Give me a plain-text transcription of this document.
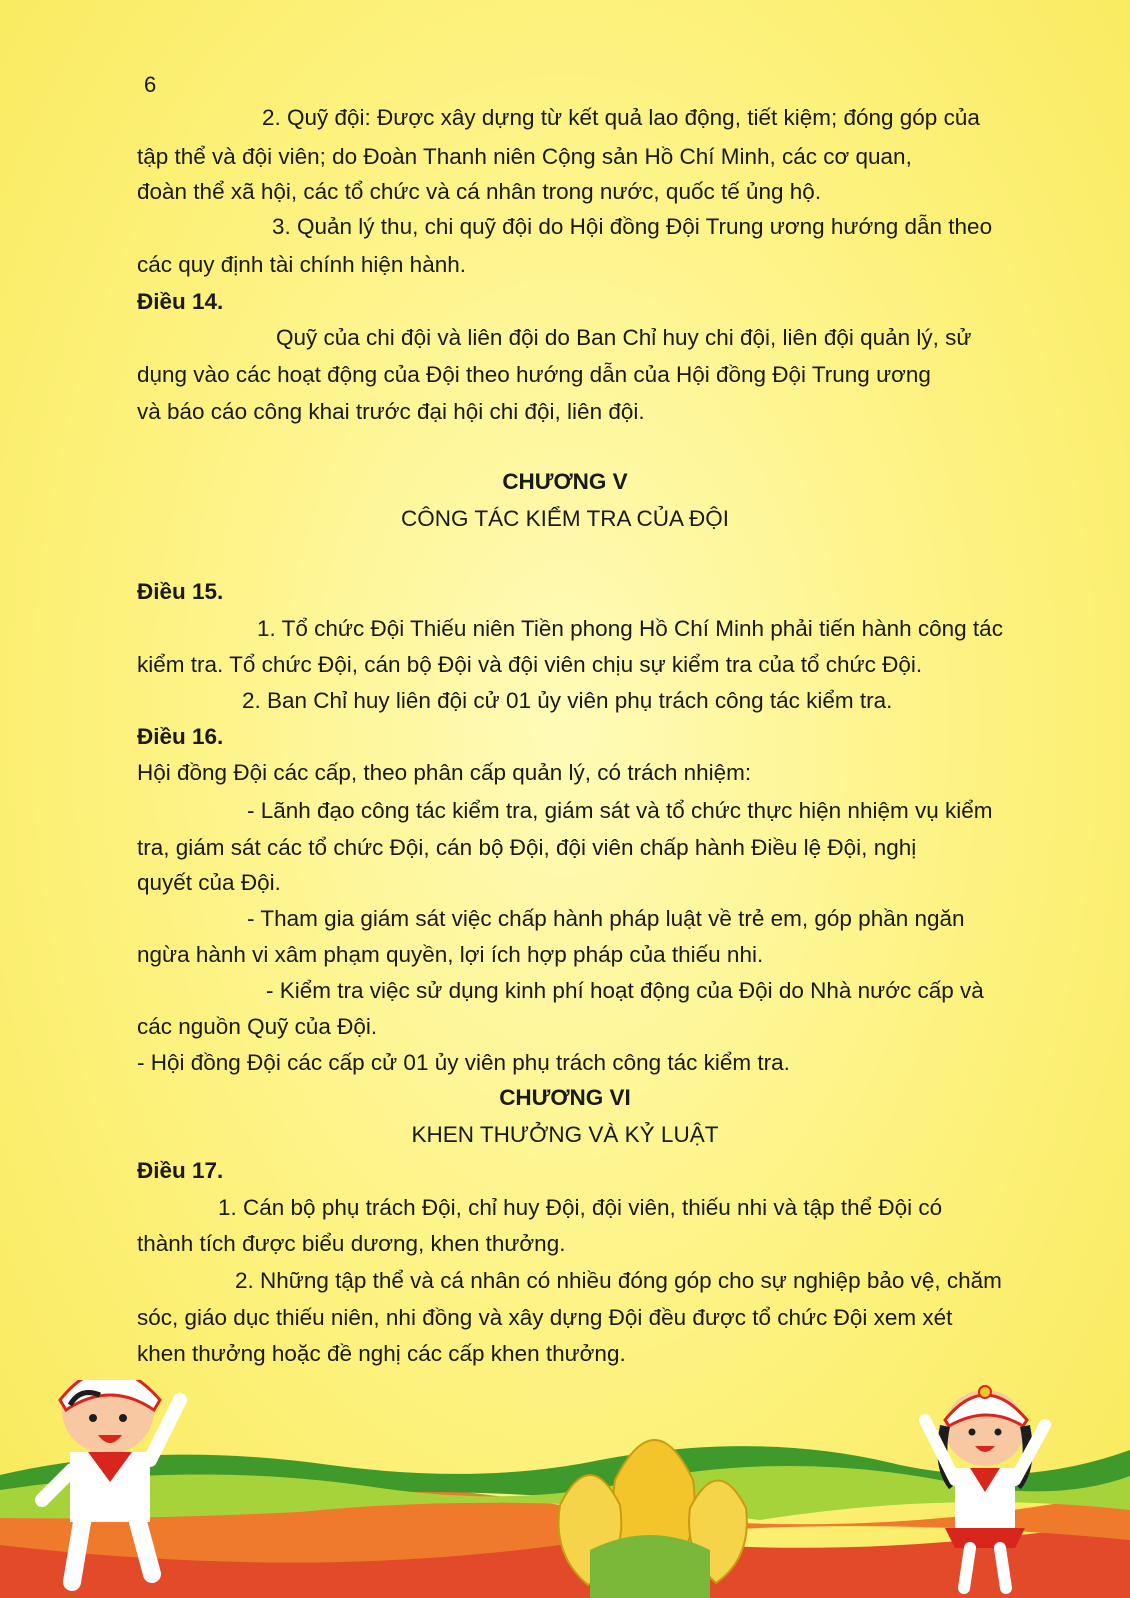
6
2. Quỹ đội: Được xây dựng từ kết quả lao động, tiết kiệm; đóng góp của
tập thể và đội viên; do Đoàn Thanh niên Cộng sản Hồ Chí Minh, các cơ quan,
đoàn thể xã hội, các tổ chức và cá nhân trong nước, quốc tế ủng hộ.
3. Quản lý thu, chi quỹ đội do Hội đồng Đội Trung ương hướng dẫn theo
các quy định tài chính hiện hành.
Điều 14.
Quỹ của chi đội và liên đội do Ban Chỉ huy chi đội, liên đội quản lý, sử
dụng vào các hoạt động của Đội theo hướng dẫn của Hội đồng Đội Trung ương
và báo cáo công khai trước đại hội chi đội, liên đội.
CHƯƠNG V
CÔNG TÁC KIỂM TRA CỦA ĐỘI
Điều 15.
1. Tổ chức Đội Thiếu niên Tiền phong Hồ Chí Minh phải tiến hành công tác
kiểm tra. Tổ chức Đội, cán bộ Đội và đội viên chịu sự kiểm tra của tổ chức Đội.
2. Ban Chỉ huy liên đội cử 01 ủy viên phụ trách công tác kiểm tra.
Điều 16.
Hội đồng Đội các cấp, theo phân cấp quản lý, có trách nhiệm:
- Lãnh đạo công tác kiểm tra, giám sát và tổ chức thực hiện nhiệm vụ kiểm
tra, giám sát các tổ chức Đội, cán bộ Đội, đội viên chấp hành Điều lệ Đội, nghị
quyết của Đội.
- Tham gia giám sát việc chấp hành pháp luật về trẻ em, góp phần ngăn
ngừa hành vi xâm phạm quyền, lợi ích hợp pháp của thiếu nhi.
- Kiểm tra việc sử dụng kinh phí hoạt động của Đội do Nhà nước cấp và
các nguồn Quỹ của Đội.
- Hội đồng Đội các cấp cử 01 ủy viên phụ trách công tác kiểm tra.
CHƯƠNG VI
KHEN THƯỞNG VÀ KỶ LUẬT
Điều 17.
1. Cán bộ phụ trách Đội, chỉ huy Đội, đội viên, thiếu nhi và tập thể Đội có
thành tích được biểu dương, khen thưởng.
2. Những tập thể và cá nhân có nhiều đóng góp cho sự nghiệp bảo vệ, chăm
sóc, giáo dục thiếu niên, nhi đồng và xây dựng Đội đều được tổ chức Đội xem xét
khen thưởng hoặc đề nghị các cấp khen thưởng.
